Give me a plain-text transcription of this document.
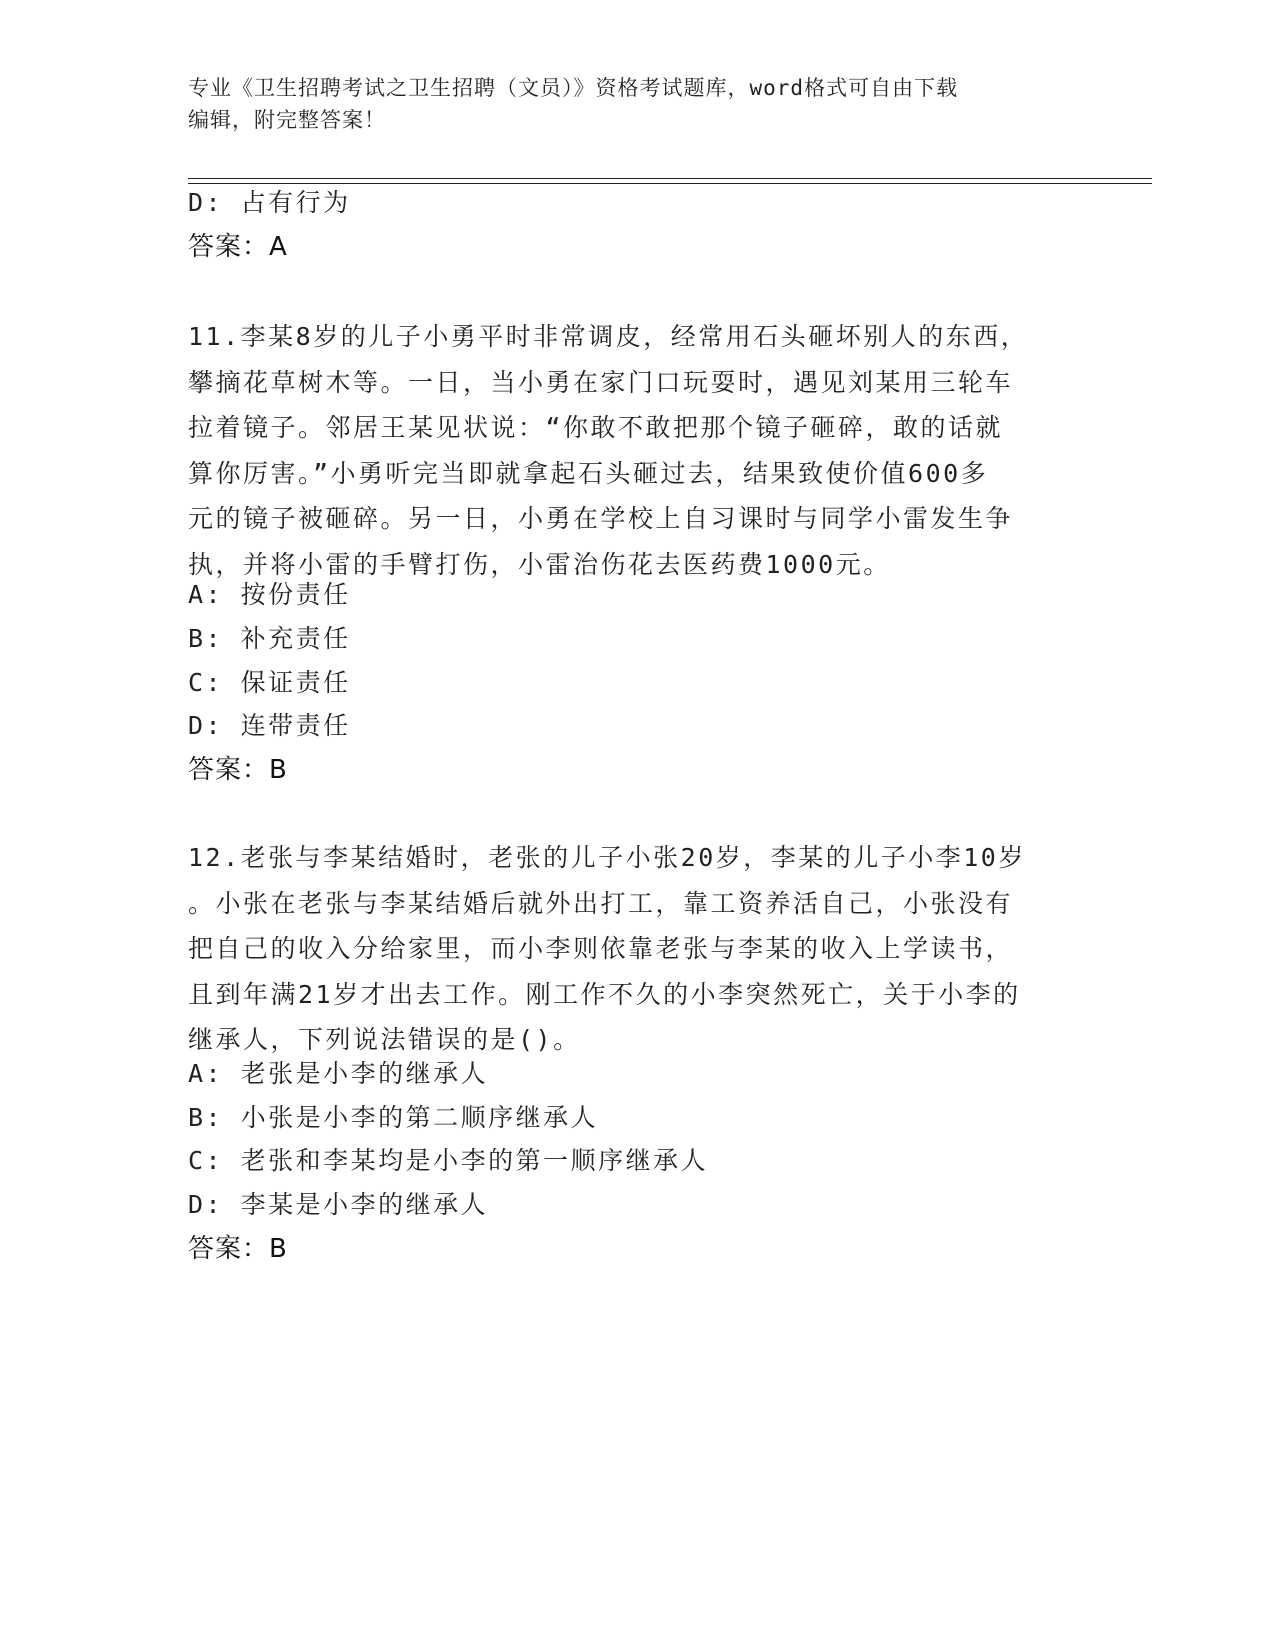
专业《卫生招聘考试之卫生招聘（文员）》资格考试题库，word格式可自由下载
编辑，附完整答案！
D: 占有行为
答案：A
11.李某8岁的儿子小勇平时非常调皮，经常用石头砸坏别人的东西，
攀摘花草树木等。一日，当小勇在家门口玩耍时，遇见刘某用三轮车
拉着镜子。邻居王某见状说：“你敢不敢把那个镜子砸碎，敢的话就
算你厉害。”小勇听完当即就拿起石头砸过去，结果致使价值600多
元的镜子被砸碎。另一日，小勇在学校上自习课时与同学小雷发生争
执，并将小雷的手臂打伤，小雷治伤花去医药费1000元。
A: 按份责任
B: 补充责任
C: 保证责任
D: 连带责任
答案：B
12.老张与李某结婚时，老张的儿子小张20岁，李某的儿子小李10岁
。小张在老张与李某结婚后就外出打工，靠工资养活自己，小张没有
把自己的收入分给家里，而小李则依靠老张与李某的收入上学读书，
且到年满21岁才出去工作。刚工作不久的小李突然死亡，关于小李的
继承人，下列说法错误的是()。
A: 老张是小李的继承人
B: 小张是小李的第二顺序继承人
C: 老张和李某均是小李的第一顺序继承人
D: 李某是小李的继承人
答案：B
